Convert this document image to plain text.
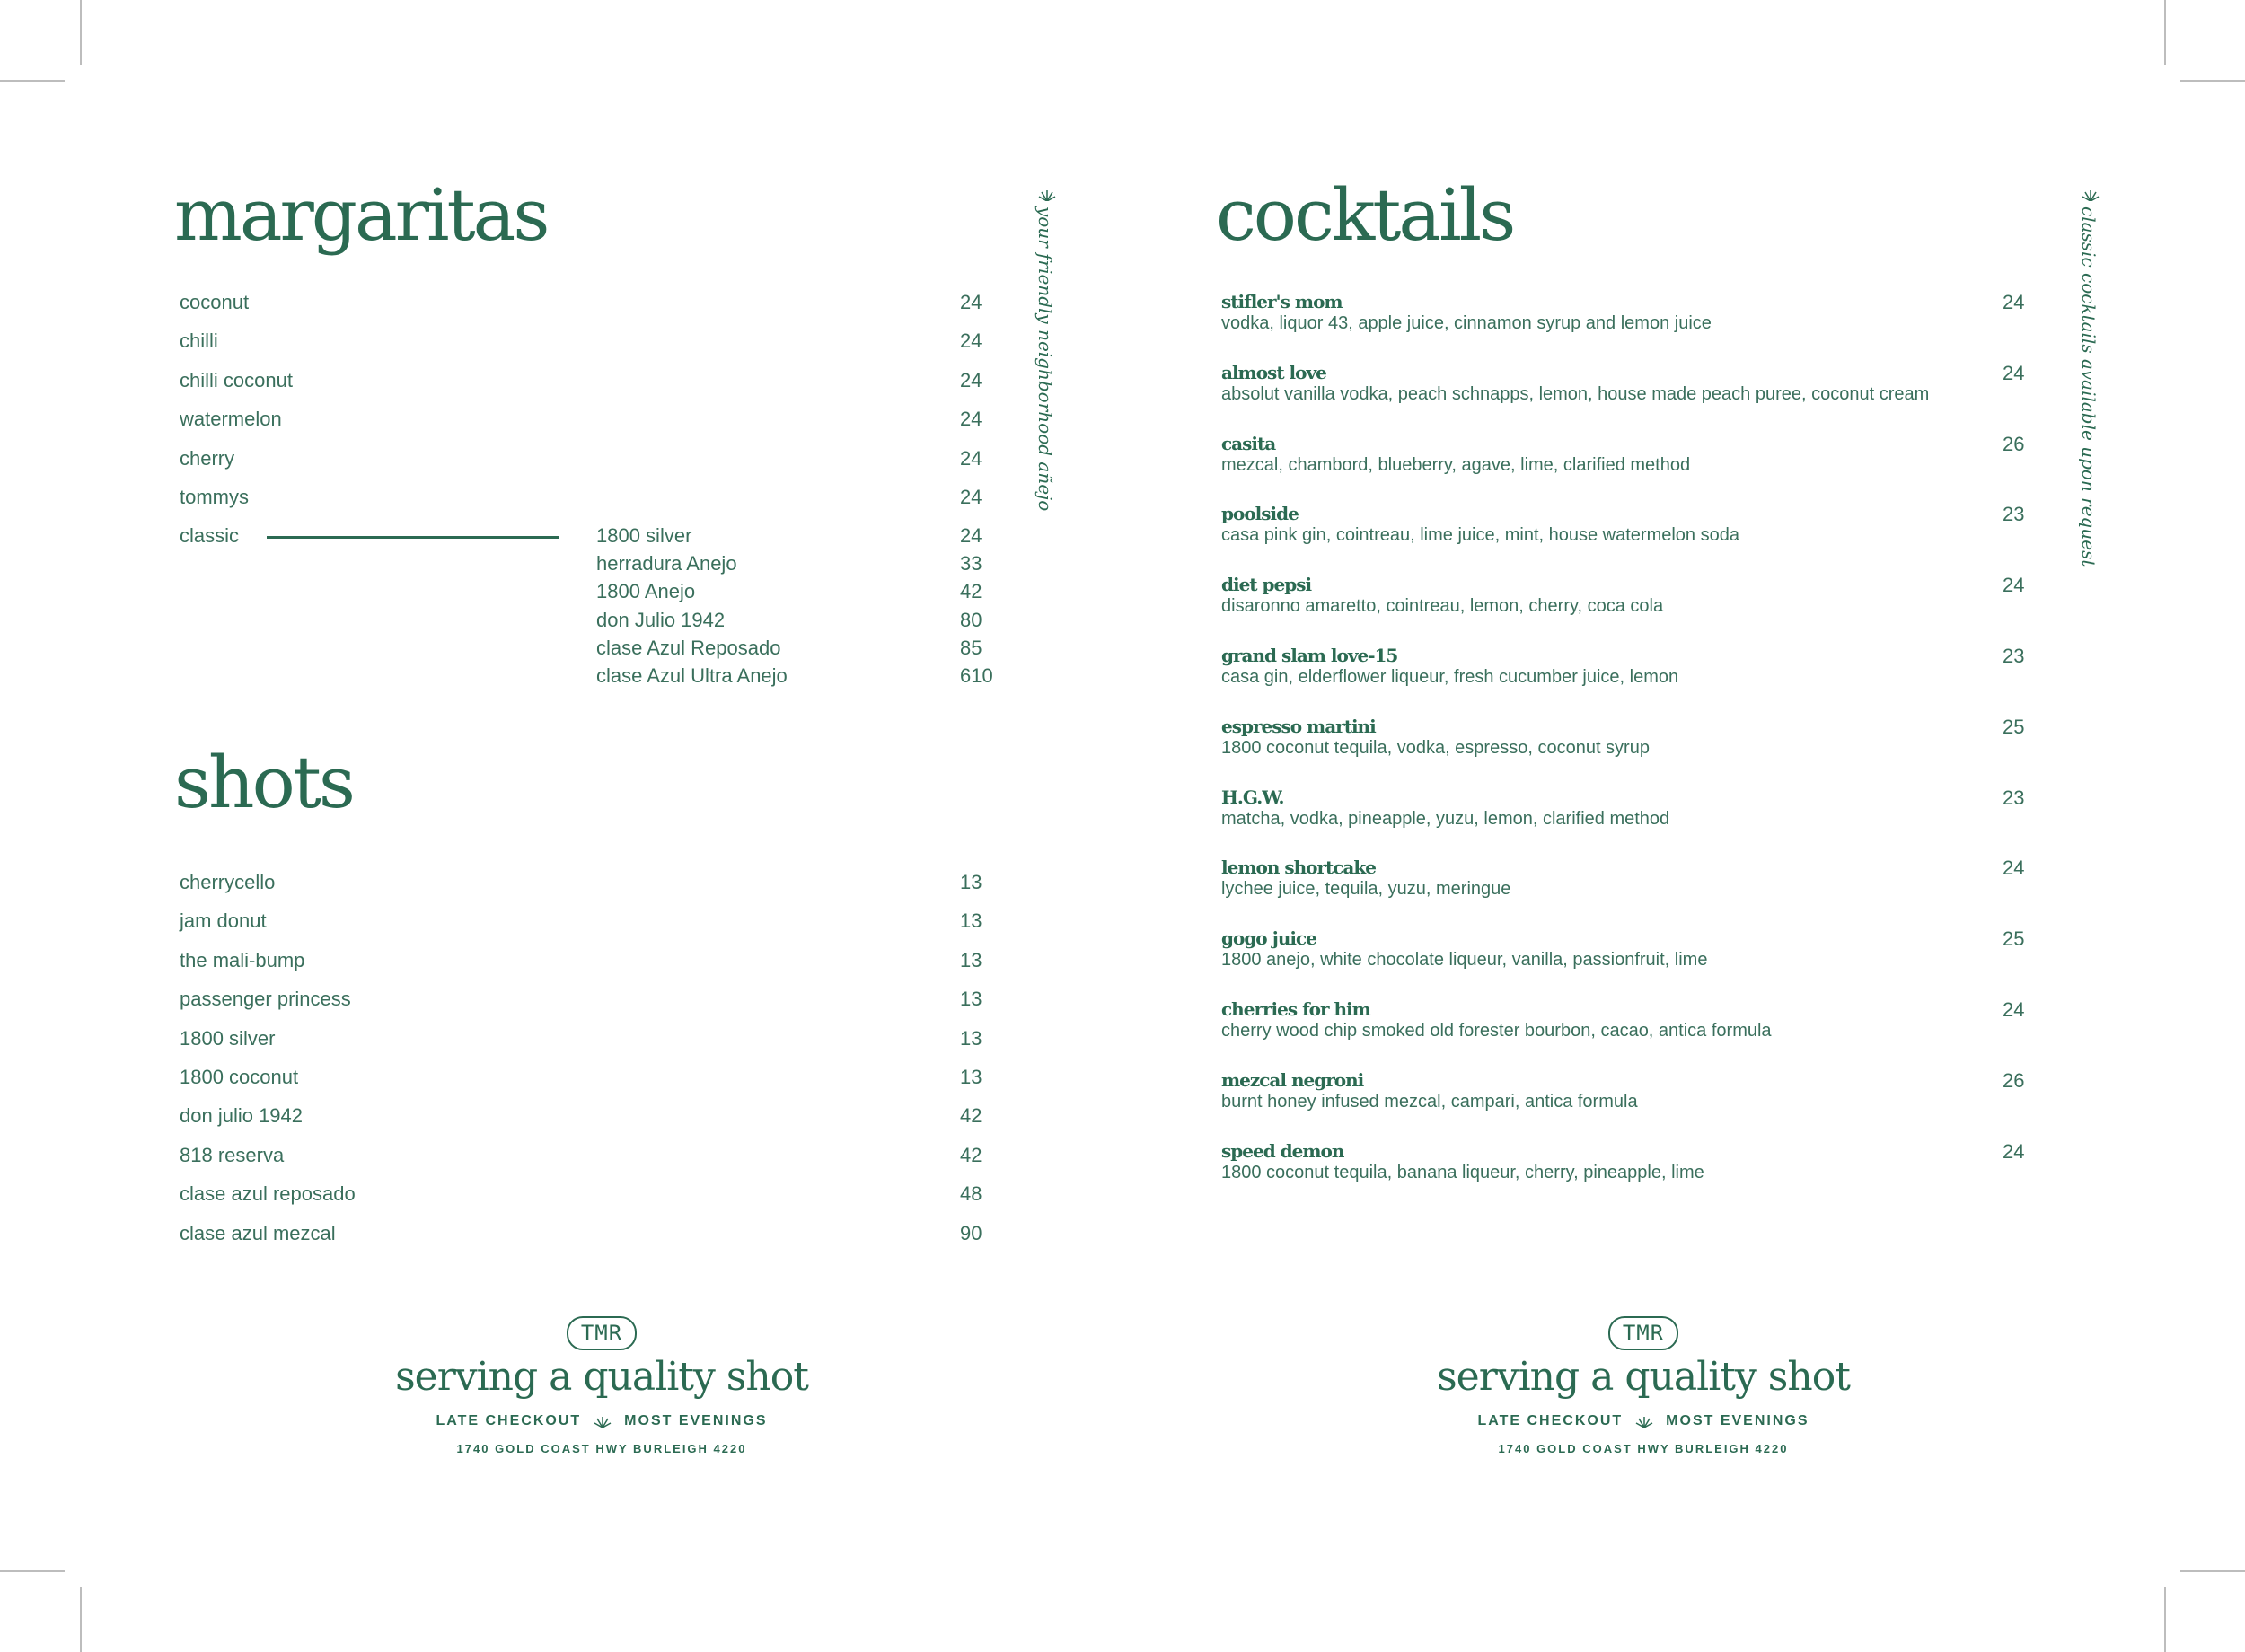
margaritas
coconut	24
chilli	24
chilli coconut	24
watermelon	24
cherry	24
tommys	24
classic	1800 silver	24
herradura Anejo	33
1800 Anejo	42
don Julio 1942	80
clase Azul Reposado	85
clase Azul Ultra Anejo	610
your friendly neighborhood añejo
shots
cherrycello	13
jam donut	13
the mali-bump	13
passenger princess	13
1800 silver	13
1800 coconut	13
don julio 1942	42
818 reserva	42
clase azul reposado	48
clase azul mezcal	90
cocktails
stifler's mom
vodka, liquor 43, apple juice, cinnamon syrup and lemon juice
24
almost love
absolut vanilla vodka, peach schnapps, lemon, house made peach puree, coconut cream
24
casita
mezcal, chambord, blueberry, agave, lime, clarified method
26
poolside
casa pink gin, cointreau, lime juice, mint, house watermelon soda
23
diet pepsi
disaronno amaretto, cointreau, lemon, cherry, coca cola
24
grand slam love-15
casa gin, elderflower liqueur, fresh cucumber juice, lemon
23
espresso martini
1800 coconut tequila, vodka, espresso, coconut syrup
25
H.G.W.
matcha, vodka, pineapple, yuzu, lemon, clarified method
23
lemon shortcake
lychee juice, tequila, yuzu, meringue
24
gogo juice
1800 anejo, white chocolate liqueur, vanilla, passionfruit, lime
25
cherries for him
cherry wood chip smoked old forester bourbon, cacao, antica formula
24
mezcal negroni
burnt honey infused mezcal, campari, antica formula
26
speed demon
1800 coconut tequila, banana liqueur, cherry, pineapple, lime
24
classic cocktails available upon request
TMR
serving a quality shot
LATE CHECKOUT	MOST EVENINGS
1740 GOLD COAST HWY BURLEIGH 4220
TMR
serving a quality shot
LATE CHECKOUT	MOST EVENINGS
1740 GOLD COAST HWY BURLEIGH 4220
